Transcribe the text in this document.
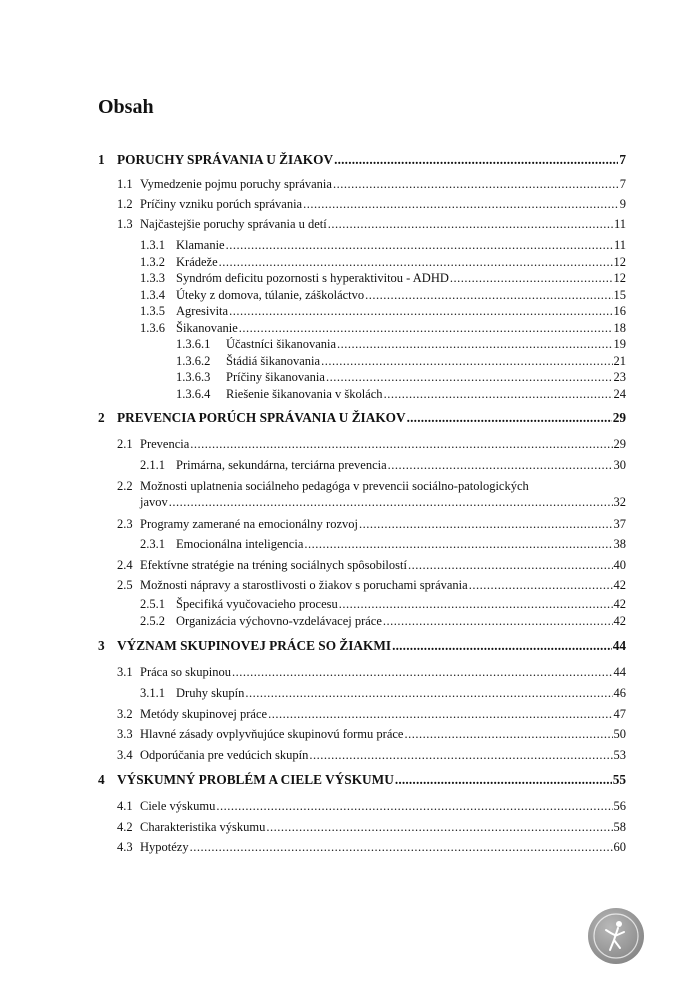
Obsah
1 PORUCHY SPRÁVANIA U ŽIAKOV .....	7
1.1 Vymedzenie pojmu poruchy správania .....	7
1.2 Príčiny vzniku porúch správania .....	9
1.3 Najčastejšie poruchy správania u detí .....	11
1.3.1 Klamanie .....	11
1.3.2 Krádeže .....	12
1.3.3 Syndróm deficitu pozornosti s hyperaktivitou - ADHD .....	12
1.3.4 Úteky z domova, túlanie, záškoláctvo .....	15
1.3.5 Agresivita .....	16
1.3.6 Šikanovanie .....	18
1.3.6.1	Účastníci šikanovania .....	19
1.3.6.2	Štádiá šikanovania .....	21
1.3.6.3	Príčiny šikanovania .....	23
1.3.6.4	Riešenie šikanovania v školách .....	24
2 PREVENCIA PORÚCH SPRÁVANIA U ŽIAKOV .....	29
2.1 Prevencia .....	29
2.1.1 Primárna, sekundárna, terciárna prevencia .....	30
2.2 Možnosti uplatnenia sociálneho pedagóga v prevencii sociálno-patologických
javov .....	32
2.3 Programy zamerané na emocionálny rozvoj .....	37
2.3.1 Emocionálna inteligencia .....	38
2.4 Efektívne stratégie na tréning sociálnych spôsobilostí .....	40
2.5 Možnosti nápravy a starostlivosti o žiakov s poruchami správania .....	42
2.5.1 Špecifiká vyučovacieho procesu .....	42
2.5.2 Organizácia výchovno-vzdelávacej práce .....	42
3 VÝZNAM SKUPINOVEJ PRÁCE SO ŽIAKMI .....	44
3.1 Práca so skupinou .....	44
3.1.1 Druhy skupín .....	46
3.2 Metódy skupinovej práce .....	47
3.3 Hlavné zásady ovplyvňujúce skupinovú formu práce .....	50
3.4 Odporúčania pre vedúcich skupín .....	53
4 VÝSKUMNÝ PROBLÉM A CIELE VÝSKUMU .....	55
4.1 Ciele výskumu .....	56
4.2 Charakteristika výskumu .....	58
4.3 Hypotézy .....	60
